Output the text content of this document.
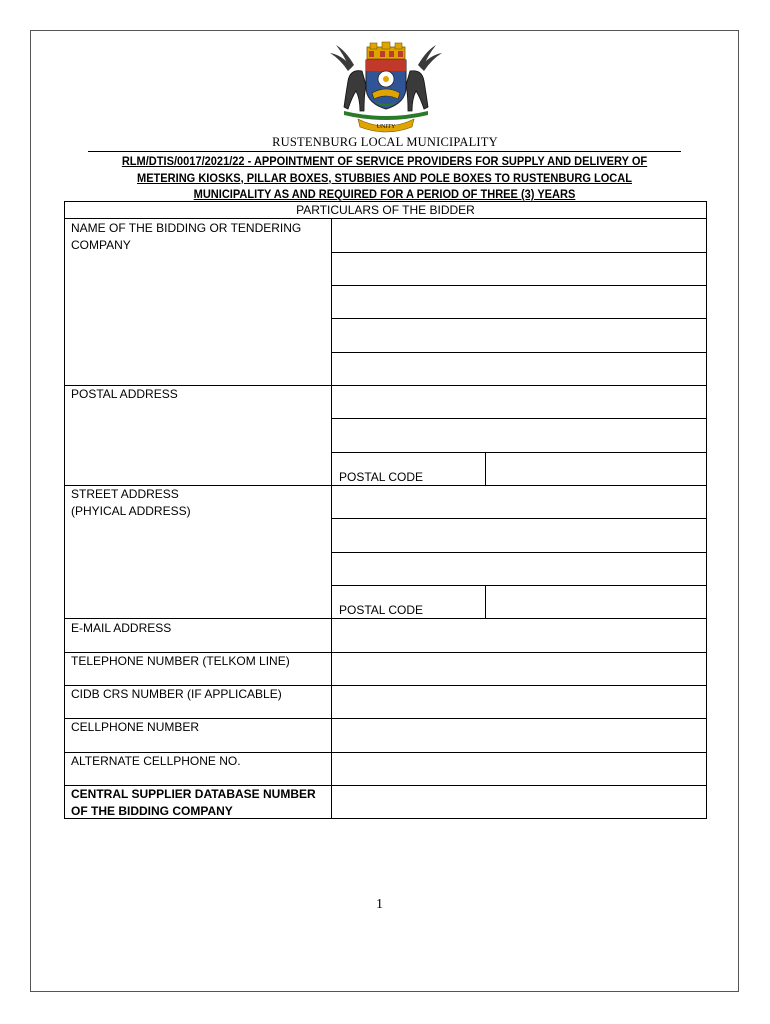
UNITY
RUSTENBURG LOCAL MUNICIPALITY
RLM/DTIS/0017/2021/22 - APPOINTMENT OF SERVICE PROVIDERS FOR SUPPLY AND DELIVERY OF METERING KIOSKS, PILLAR BOXES, STUBBIES AND POLE BOXES TO RUSTENBURG LOCAL MUNICIPALITY AS AND REQUIRED FOR A PERIOD OF THREE (3) YEARS
PARTICULARS OF THE BIDDER
NAME OF THE BIDDING OR TENDERING COMPANY
POSTAL ADDRESS
POSTAL CODE
STREET ADDRESS
(PHYICAL ADDRESS)
POSTAL CODE
E-MAIL ADDRESS
TELEPHONE NUMBER (TELKOM LINE)
CIDB CRS NUMBER (IF APPLICABLE)
CELLPHONE NUMBER
ALTERNATE CELLPHONE NO.
CENTRAL SUPPLIER DATABASE NUMBER OF THE BIDDING COMPANY
1
